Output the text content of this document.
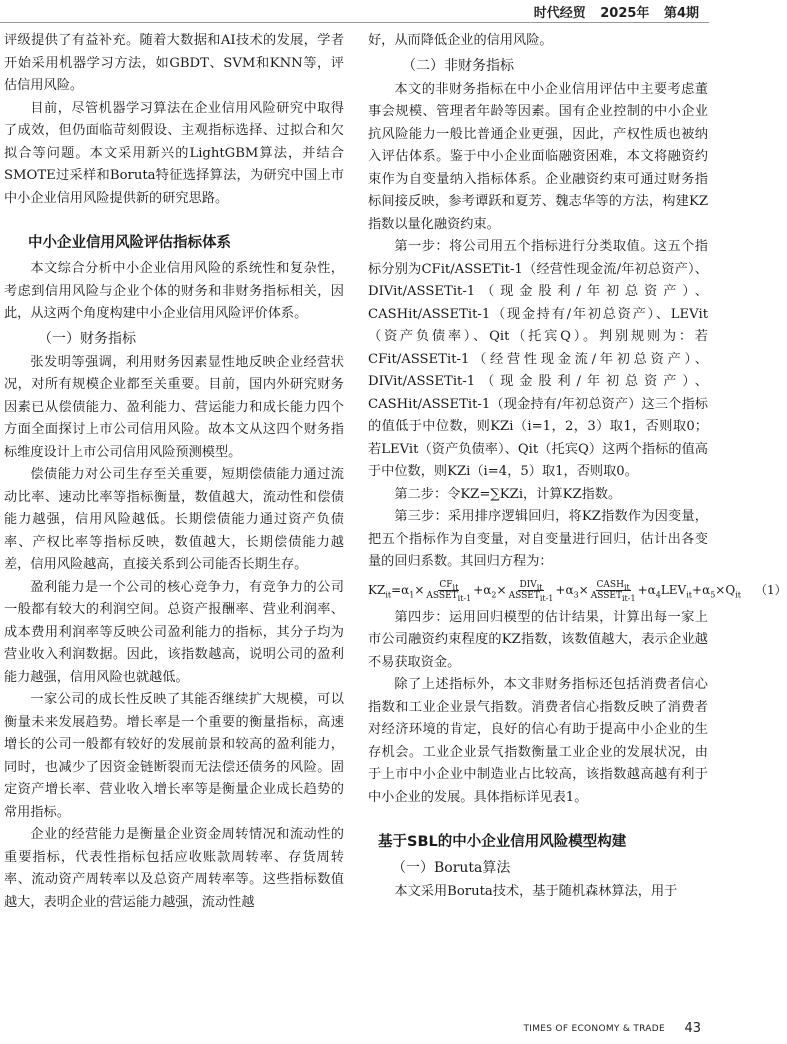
时代经贸 2025年 第4期

评级提供了有益补充。随着大数据和AI技术的发展，学者开始采用机器学习方法，如GBDT、SVM和KNN等，评估信用风险。

目前，尽管机器学习算法在企业信用风险研究中取得了成效，但仍面临苛刻假设、主观指标选择、过拟合和欠拟合等问题。本文采用新兴的LightGBM算法，并结合SMOTE过采样和Boruta特征选择算法，为研究中国上市中小企业信用风险提供新的研究思路。

中小企业信用风险评估指标体系

本文综合分析中小企业信用风险的系统性和复杂性，考虑到信用风险与企业个体的财务和非财务指标相关，因此，从这两个角度构建中小企业信用风险评价体系。

（一）财务指标

张发明等强调，利用财务因素显性地反映企业经营状况，对所有规模企业都至关重要。目前，国内外研究财务因素已从偿债能力、盈利能力、营运能力和成长能力四个方面全面探讨上市公司信用风险。故本文从这四个财务指标维度设计上市公司信用风险预测模型。

偿债能力对公司生存至关重要，短期偿债能力通过流动比率、速动比率等指标衡量，数值越大，流动性和偿债能力越强，信用风险越低。长期偿债能力通过资产负债率、产权比率等指标反映，数值越大，长期偿债能力越差，信用风险越高，直接关系到公司能否长期生存。

盈利能力是一个公司的核心竞争力，有竞争力的公司一般都有较大的利润空间。总资产报酬率、营业利润率、成本费用利润率等反映公司盈利能力的指标，其分子均为营业收入利润数据。因此，该指数越高，说明公司的盈利能力越强，信用风险也就越低。

一家公司的成长性反映了其能否继续扩大规模，可以衡量未来发展趋势。增长率是一个重要的衡量指标，高速增长的公司一般都有较好的发展前景和较高的盈利能力，同时，也减少了因资金链断裂而无法偿还债务的风险。固定资产增长率、营业收入增长率等是衡量企业成长趋势的常用指标。

企业的经营能力是衡量企业资金周转情况和流动性的重要指标，代表性指标包括应收账款周转率、存货周转率、流动资产周转率以及总资产周转率等。这些指标数值越大，表明企业的营运能力越强，流动性越

好，从而降低企业的信用风险。

（二）非财务指标

本文的非财务指标在中小企业信用评估中主要考虑董事会规模、管理者年龄等因素。国有企业控制的中小企业抗风险能力一般比普通企业更强，因此，产权性质也被纳入评估体系。鉴于中小企业面临融资困难，本文将融资约束作为自变量纳入指标体系。企业融资约束可通过财务指标间接反映，参考谭跃和夏芳、魏志华等的方法，构建KZ指数以量化融资约束。

第一步：将公司用五个指标进行分类取值。这五个指标分别为CFit/ASSETit-1（经营性现金流/年初总资产）、DIVit/ASSETit-1（现金股利/年初总资产）、CASHit/ASSETit-1（现金持有/年初总资产）、LEVit（资产负债率）、Qit（托宾Q）。判别规则为：若CFit/ASSETit-1（经营性现金流/年初总资产）、DIVit/ASSETit-1（现金股利/年初总资产）、CASHit/ASSETit-1（现金持有/年初总资产）这三个指标的值低于中位数，则KZi（i=1，2，3）取1，否则取0；若LEVit（资产负债率）、Qit（托宾Q）这两个指标的值高于中位数，则KZi（i=4，5）取1，否则取0。

第二步：令KZ=∑KZi，计算KZ指数。

第三步：采用排序逻辑回归，将KZ指数作为因变量，把五个指标作为自变量，对自变量进行回归，估计出各变量的回归系数。其回归方程为：

$KZ_{it}=\alpha_1\times \frac{CF_{it}}{ASSET_{it-1}} +\alpha_2\times \frac{DIV_{it}}{ASSET_{it-1}} +\alpha_3\times \frac{CASH_{it}}{ASSET_{it-1}} +\alpha_4LEV_{it}+\alpha_5\times Q_{it}$ （1）

第四步：运用回归模型的估计结果，计算出每一家上市公司融资约束程度的KZ指数，该数值越大，表示企业越不易获取资金。

除了上述指标外，本文非财务指标还包括消费者信心指数和工业企业景气指数。消费者信心指数反映了消费者对经济环境的肯定，良好的信心有助于提高中小企业的生存机会。工业企业景气指数衡量工业企业的发展状况，由于上市中小企业中制造业占比较高，该指数越高越有利于中小企业的发展。具体指标详见表1。

基于SBL的中小企业信用风险模型构建
（一）Boruta算法

本文采用Boruta技术，基于随机森林算法，用于

TIMES OF ECONOMY & TRADE 43
